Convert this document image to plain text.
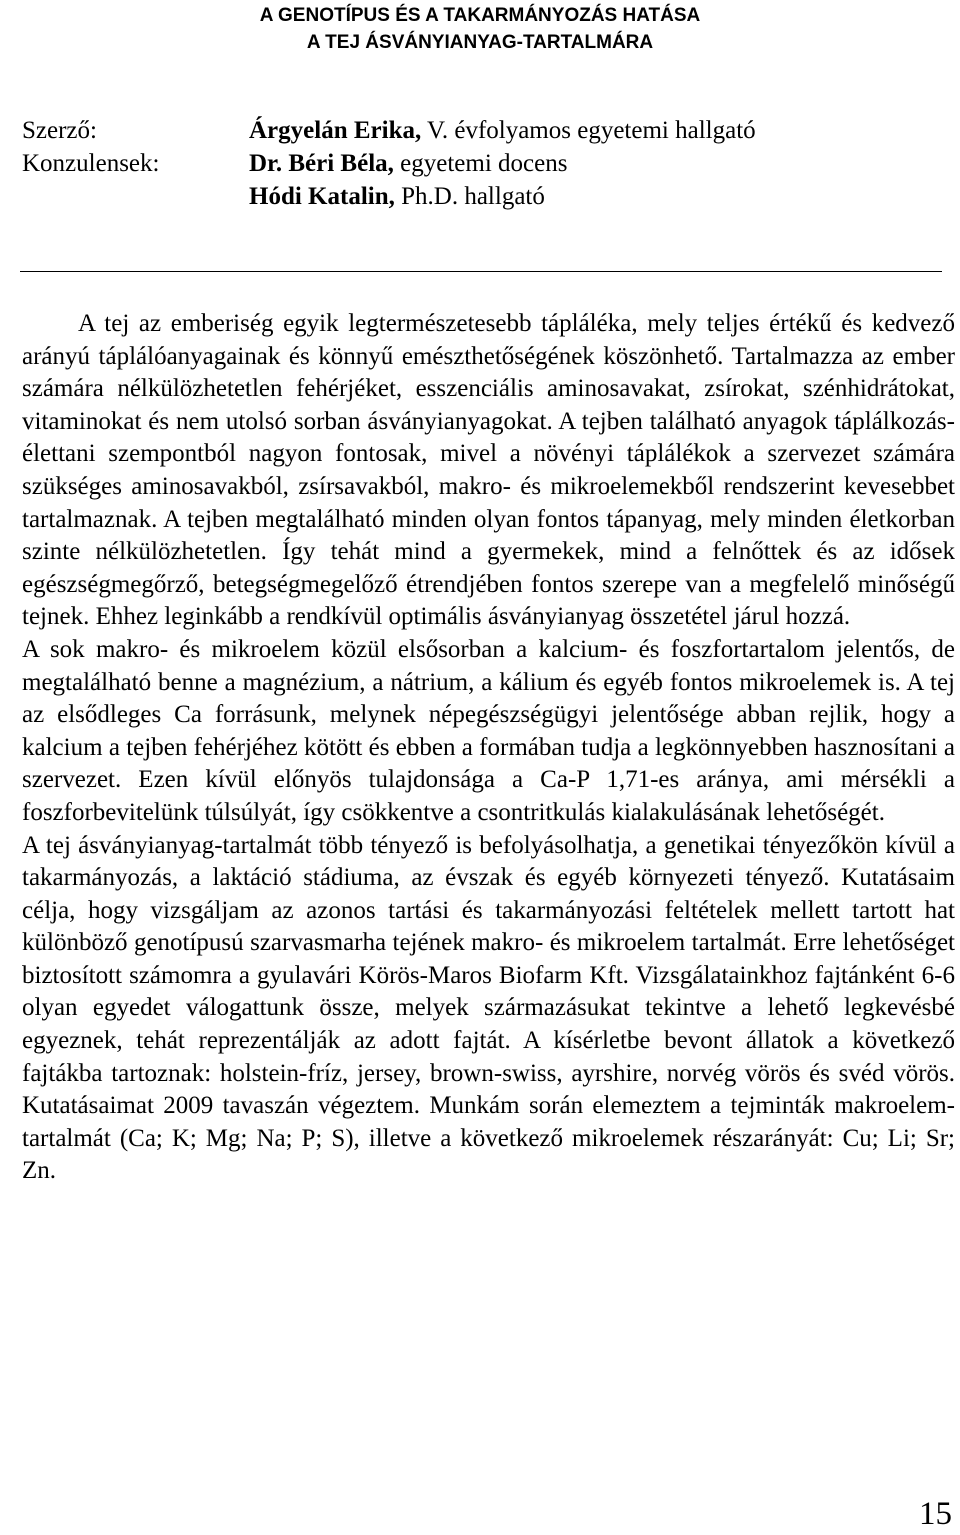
A GENOTÍPUS ÉS A TAKARMÁNYOZÁS HATÁSA
A TEJ ÁSVÁNYIANYAG-TARTALMÁRA
Szerző:	Árgyelán Erika, V. évfolyamos egyetemi hallgató
Konzulensek:	Dr. Béri Béla, egyetemi docens
Hódi Katalin, Ph.D. hallgató

A tej az emberiség egyik legtermészetesebb tápláléka, mely teljes értékű és kedvező arányú táplálóanyagainak és könnyű emészthetőségének köszönhető. Tartalmazza az ember számára nélkülözhetetlen fehérjéket, esszenciális aminosavakat, zsírokat, szénhidrátokat, vitaminokat és nem utolsó sorban ásványianyagokat. A tejben található anyagok táplálkozás-élettani szempontból nagyon fontosak, mivel a növényi táplálékok a szervezet számára szükséges aminosavakból, zsírsavakból, makro- és mikroelemekből rendszerint kevesebbet tartalmaznak. A tejben megtalálható minden olyan fontos tápanyag, mely minden életkorban szinte nélkülözhetetlen. Így tehát mind a gyermekek, mind a felnőttek és az idősek egészségmegőrző, betegségmegelőző étrendjében fontos szerepe van a megfelelő minőségű tejnek. Ehhez leginkább a rendkívül optimális ásványianyag összetétel járul hozzá.

A sok makro- és mikroelem közül elsősorban a kalcium- és foszfortartalom jelentős, de megtalálható benne a magnézium, a nátrium, a kálium és egyéb fontos mikroelemek is. A tej az elsődleges Ca forrásunk, melynek népegészségügyi jelentősége abban rejlik, hogy a kalcium a tejben fehérjéhez kötött és ebben a formában tudja a legkönnyebben hasznosítani a szervezet. Ezen kívül előnyös tulajdonsága a Ca-P 1,71-es aránya, ami mérsékli a foszforbevitelünk túlsúlyát, így csökkentve a csontritkulás kialakulásának lehetőségét.

A tej ásványianyag-tartalmát több tényező is befolyásolhatja, a genetikai tényezőkön kívül a takarmányozás, a laktáció stádiuma, az évszak és egyéb környezeti tényező. Kutatásaim célja, hogy vizsgáljam az azonos tartási és takarmányozási feltételek mellett tartott hat különböző genotípusú szarvasmarha tejének makro- és mikroelem tartalmát. Erre lehetőséget biztosított számomra a gyulavári Körös-Maros Biofarm Kft. Vizsgálatainkhoz fajtánként 6-6 olyan egyedet válogattunk össze, melyek származásukat tekintve a lehető legkevésbé egyeznek, tehát reprezentálják az adott fajtát. A kísérletbe bevont állatok a következő fajtákba tartoznak: holstein-fríz, jersey, brown-swiss, ayrshire, norvég vörös és svéd vörös. Kutatásaimat 2009 tavaszán végeztem. Munkám során elemeztem a tejminták makroelem-tartalmát (Ca; K; Mg; Na; P; S), illetve a következő mikroelemek részarányát: Cu; Li; Sr; Zn.

15
